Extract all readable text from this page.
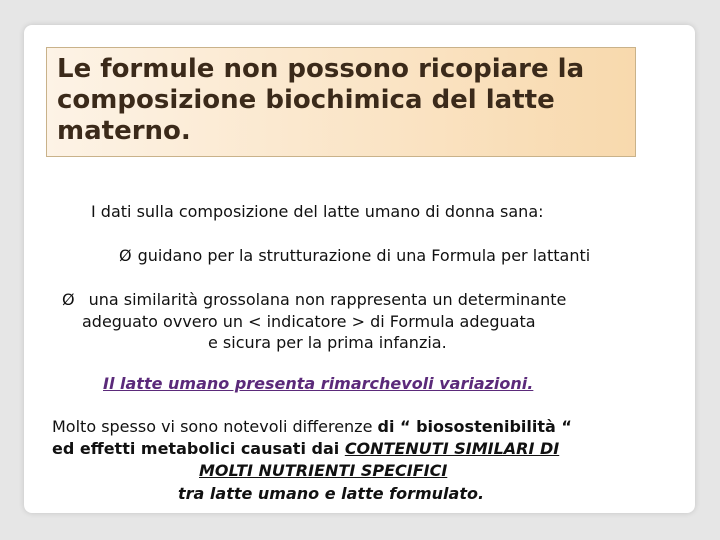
Le formule non possono ricopiare la
composizione biochimica del latte
materno.
I dati sulla composizione del latte umano di donna sana:
Ø guidano per la strutturazione di una Formula per lattanti
Ø una similarità grossolana non rappresenta un determinante
adeguato ovvero un < indicatore > di Formula adeguata
e sicura per la prima infanzia.
Il latte umano presenta rimarchevoli variazioni.
Molto spesso vi sono notevoli differenze di “ biosostenibilità “
ed effetti metabolici causati dai CONTENUTI SIMILARI DI
MOLTI NUTRIENTI SPECIFICI
tra latte umano e latte formulato.
